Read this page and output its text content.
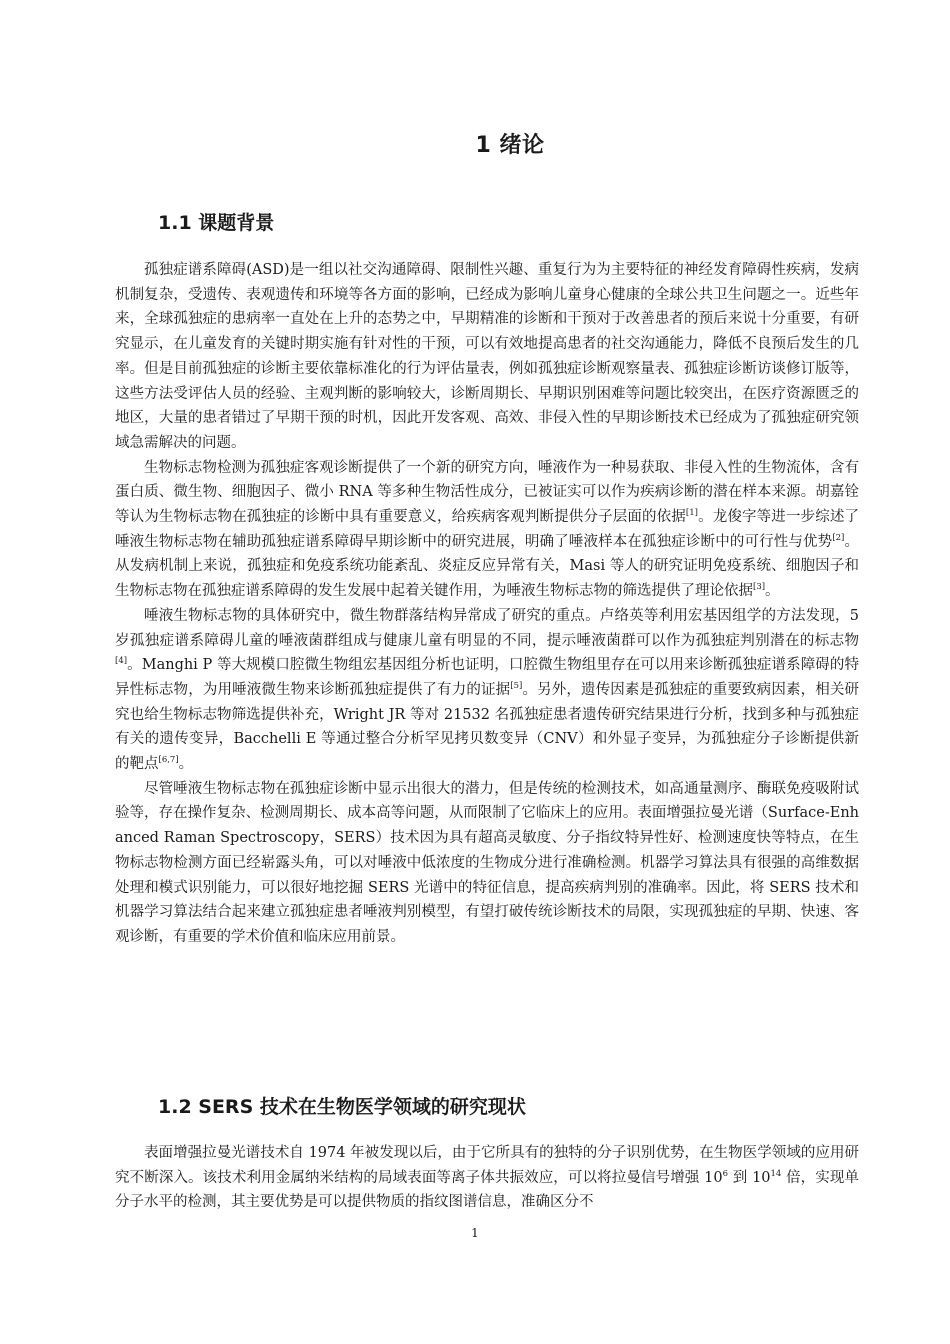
1 绪论
1.1 课题背景

孤独症谱系障碍(ASD)是一组以社交沟通障碍、限制性兴趣、重复行为为主要特征的神经发育障碍性疾病，发病机制复杂，受遗传、表观遗传和环境等各方面的影响，已经成为影响儿童身心健康的全球公共卫生问题之一。近些年来，全球孤独症的患病率一直处在上升的态势之中，早期精准的诊断和干预对于改善患者的预后来说十分重要，有研究显示，在儿童发育的关键时期实施有针对性的干预，可以有效地提高患者的社交沟通能力，降低不良预后发生的几率。但是目前孤独症的诊断主要依靠标准化的行为评估量表，例如孤独症诊断观察量表、孤独症诊断访谈修订版等，这些方法受评估人员的经验、主观判断的影响较大，诊断周期长、早期识别困难等问题比较突出，在医疗资源匮乏的地区，大量的患者错过了早期干预的时机，因此开发客观、高效、非侵入性的早期诊断技术已经成为了孤独症研究领域急需解决的问题。

生物标志物检测为孤独症客观诊断提供了一个新的研究方向，唾液作为一种易获取、非侵入性的生物流体，含有蛋白质、微生物、细胞因子、微小 RNA 等多种生物活性成分，已被证实可以作为疾病诊断的潜在样本来源。胡嘉铨等认为生物标志物在孤独症的诊断中具有重要意义，给疾病客观判断提供分子层面的依据[1]。龙俊字等进一步综述了唾液生物标志物在辅助孤独症谱系障碍早期诊断中的研究进展，明确了唾液样本在孤独症诊断中的可行性与优势[2]。从发病机制上来说，孤独症和免疫系统功能紊乱、炎症反应异常有关，Masi 等人的研究证明免疫系统、细胞因子和生物标志物在孤独症谱系障碍的发生发展中起着关键作用，为唾液生物标志物的筛选提供了理论依据[3]。

唾液生物标志物的具体研究中，微生物群落结构异常成了研究的重点。卢络英等利用宏基因组学的方法发现，5 岁孤独症谱系障碍儿童的唾液菌群组成与健康儿童有明显的不同，提示唾液菌群可以作为孤独症判别潜在的标志物[4]。Manghi P 等大规模口腔微生物组宏基因组分析也证明，口腔微生物组里存在可以用来诊断孤独症谱系障碍的特异性标志物，为用唾液微生物来诊断孤独症提供了有力的证据[5]。另外，遗传因素是孤独症的重要致病因素，相关研究也给生物标志物筛选提供补充，Wright JR 等对 21532 名孤独症患者遗传研究结果进行分析，找到多种与孤独症有关的遗传变异，Bacchelli E 等通过整合分析罕见拷贝数变异（CNV）和外显子变异，为孤独症分子诊断提供新的靶点[6,7]。

尽管唾液生物标志物在孤独症诊断中显示出很大的潜力，但是传统的检测技术，如高通量测序、酶联免疫吸附试验等，存在操作复杂、检测周期长、成本高等问题，从而限制了它临床上的应用。表面增强拉曼光谱（Surface-Enhanced Raman Spectroscopy，SERS）技术因为具有超高灵敏度、分子指纹特异性好、检测速度快等特点，在生物标志物检测方面已经崭露头角，可以对唾液中低浓度的生物成分进行准确检测。机器学习算法具有很强的高维数据处理和模式识别能力，可以很好地挖掘 SERS 光谱中的特征信息，提高疾病判别的准确率。因此，将 SERS 技术和机器学习算法结合起来建立孤独症患者唾液判别模型，有望打破传统诊断技术的局限，实现孤独症的早期、快速、客观诊断，有重要的学术价值和临床应用前景。

1.2 SERS 技术在生物医学领域的研究现状

表面增强拉曼光谱技术自 1974 年被发现以后，由于它所具有的独特的分子识别优势，在生物医学领域的应用研究不断深入。该技术利用金属纳米结构的局域表面等离子体共振效应，可以将拉曼信号增强 $10^6$ 到 $10^{14}$ 倍，实现单分子水平的检测，其主要优势是可以提供物质的指纹图谱信息，准确区分不

1
